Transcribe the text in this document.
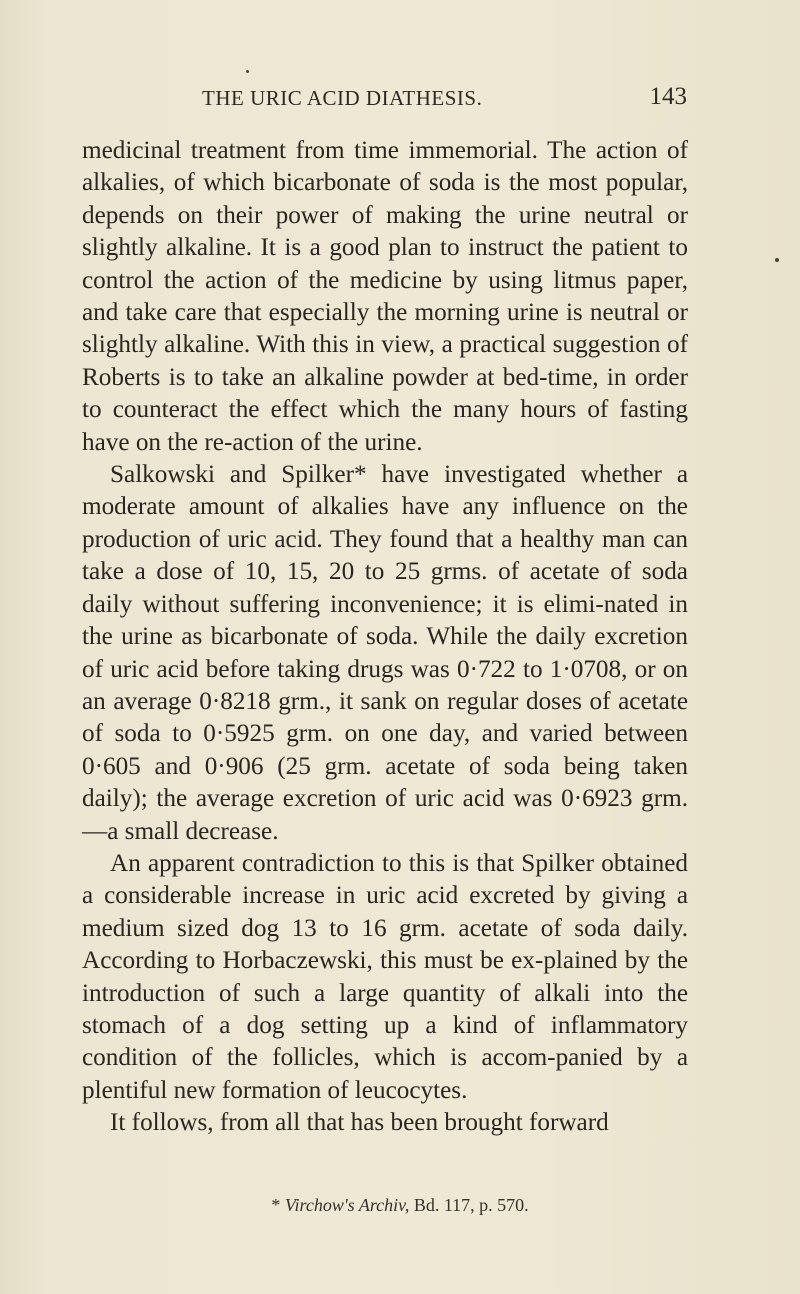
THE URIC ACID DIATHESIS.	143

medicinal treatment from time immemorial. The action of alkalies, of which bicarbonate of soda is the most popular, depends on their power of making the urine neutral or slightly alkaline. It is a good plan to instruct the patient to control the action of the medicine by using litmus paper, and take care that especially the morning urine is neutral or slightly alkaline. With this in view, a practical suggestion of Roberts is to take an alkaline powder at bed-time, in order to counteract the effect which the many hours of fasting have on the re-action of the urine.

Salkowski and Spilker* have investigated whether a moderate amount of alkalies have any influence on the production of uric acid. They found that a healthy man can take a dose of 10, 15, 20 to 25 grms. of acetate of soda daily without suffering inconvenience; it is elimi-nated in the urine as bicarbonate of soda. While the daily excretion of uric acid before taking drugs was 0·722 to 1·0708, or on an average 0·8218 grm., it sank on regular doses of acetate of soda to 0·5925 grm. on one day, and varied between 0·605 and 0·906 (25 grm. acetate of soda being taken daily); the average excretion of uric acid was 0·6923 grm.—a small decrease.

An apparent contradiction to this is that Spilker obtained a considerable increase in uric acid excreted by giving a medium sized dog 13 to 16 grm. acetate of soda daily. According to Horbaczewski, this must be ex-plained by the introduction of such a large quantity of alkali into the stomach of a dog setting up a kind of inflammatory condition of the follicles, which is accom-panied by a plentiful new formation of leucocytes.

It follows, from all that has been brought forward

* Virchow's Archiv, Bd. 117, p. 570.
